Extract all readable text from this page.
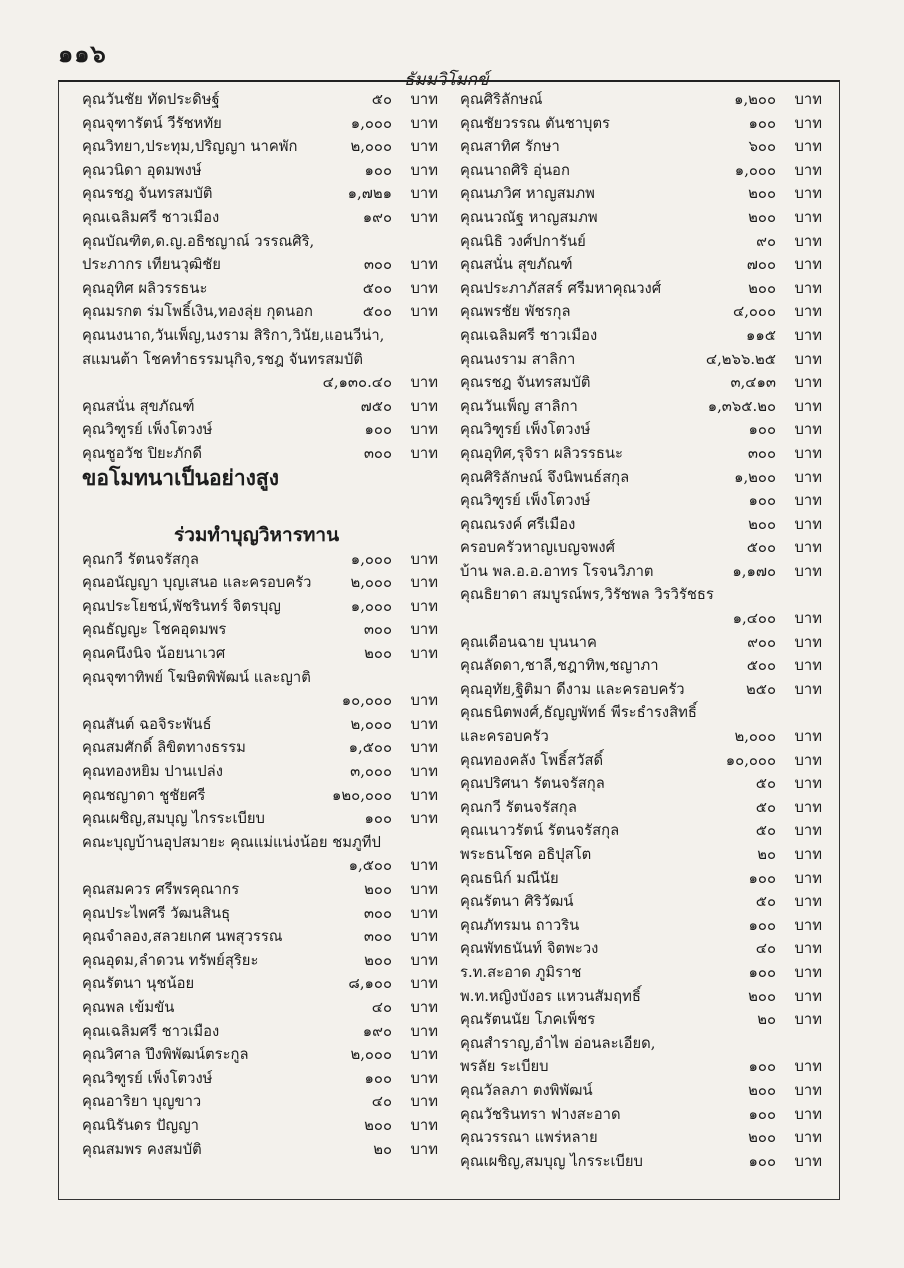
๑๑๖
ธัมมวิโมกข์
คุณวันชัย ทัดประดิษฐ์	๕๐ บาท
คุณจุฑารัตน์ วีรัชหทัย	๑,๐๐๐ บาท
คุณวิทยา,ประทุม,ปริญญา นาคพัก	๒,๐๐๐ บาท
คุณวนิดา อุดมพงษ์	๑๐๐ บาท
คุณรชฎ จันทรสมบัติ	๑,๗๒๑ บาท
คุณเฉลิมศรี ชาวเมือง	๑๙๐ บาท
คุณบัณฑิต,ด.ญ.อธิชญาณ์ วรรณศิริ,
ประภากร เทียนวุฒิชัย	๓๐๐ บาท
คุณอุทิศ ผลิวรรธนะ	๕๐๐ บาท
คุณมรกต ร่มโพธิ์เงิน,ทองลุ่ย กุดนอก	๕๐๐ บาท
คุณนงนาถ,วันเพ็ญ,นงราม สิริกา,วินัย,แอนวีน่า,
สแมนต้า โชคทำธรรมนุกิจ,รชฎ จันทรสมบัติ
๔,๑๓๐.๔๐ บาท
คุณสนั่น สุขภัณฑ์	๗๕๐ บาท
คุณวิฑูรย์ เพ็งโตวงษ์	๑๐๐ บาท
คุณชูอวัช ปิยะภักดี	๓๐๐ บาท
ขอโมทนาเป็นอย่างสูง
ร่วมทำบุญวิหารทาน
คุณกวี รัตนจรัสกุล	๑,๐๐๐ บาท
คุณอนัญญา บุญเสนอ และครอบครัว	๒,๐๐๐ บาท
คุณประโยชน์,พัชรินทร์ จิตรบุญ	๑,๐๐๐ บาท
คุณธัญญะ โชคอุดมพร	๓๐๐ บาท
คุณคนึงนิจ น้อยนาเวศ	๒๐๐ บาท
คุณจุฑาทิพย์ โฆษิตพิพัฒน์ และญาติ
๑๐,๐๐๐ บาท
คุณสันต์ ฉอจิระพันธ์	๒,๐๐๐ บาท
คุณสมศักดิ์ ลิขิตทางธรรม	๑,๕๐๐ บาท
คุณทองหยิม ปานเปล่ง	๓,๐๐๐ บาท
คุณชญาดา ชูชัยศรี	๑๒๐,๐๐๐ บาท
คุณเผชิญ,สมบุญ ไกรระเบียบ	๑๐๐ บาท
คณะบุญบ้านอุปสมายะ คุณแม่แน่งน้อย ชมภูทีป
๑,๕๐๐ บาท
คุณสมควร ศรีพรคุณากร	๒๐๐ บาท
คุณประไพศรี วัฒนสินธุ	๓๐๐ บาท
คุณจำลอง,สลวยเกศ นพสุวรรณ	๓๐๐ บาท
คุณอุดม,ลำดวน ทรัพย์สุริยะ	๒๐๐ บาท
คุณรัตนา นุชน้อย	๘,๑๐๐ บาท
คุณพล เข้มขัน	๔๐ บาท
คุณเฉลิมศรี ชาวเมือง	๑๙๐ บาท
คุณวิศาล ปึงพิพัฒน์ตระกูล	๒,๐๐๐ บาท
คุณวิฑูรย์ เพ็งโตวงษ์	๑๐๐ บาท
คุณอาริยา บุญขาว	๔๐ บาท
คุณนิรันดร ปัญญา	๒๐๐ บาท
คุณสมพร คงสมบัติ	๒๐ บาท
คุณศิริลักษณ์	๑,๒๐๐ บาท
คุณชัยวรรณ ตันชาบุตร	๑๐๐ บาท
คุณสาทิศ รักษา	๖๐๐ บาท
คุณนาถศิริ อุ่นอก	๑,๐๐๐ บาท
คุณนภวิศ หาญสมภพ	๒๐๐ บาท
คุณนวณัฐ หาญสมภพ	๒๐๐ บาท
คุณนิธิ วงศ์ปการันย์	๙๐ บาท
คุณสนั่น สุขภัณฑ์	๗๐๐ บาท
คุณประภาภัสสร์ ศรีมหาคุณวงศ์	๒๐๐ บาท
คุณพรชัย พัชรกุล	๔,๐๐๐ บาท
คุณเฉลิมศรี ชาวเมือง	๑๑๕ บาท
คุณนงราม สาลิกา	๔,๒๖๖.๒๕ บาท
คุณรชฎ จันทรสมบัติ	๓,๔๑๓ บาท
คุณวันเพ็ญ สาลิกา	๑,๓๖๕.๒๐ บาท
คุณวิฑูรย์ เพ็งโตวงษ์	๑๐๐ บาท
คุณอุทิศ,รุจิรา ผลิวรรธนะ	๓๐๐ บาท
คุณศิริลักษณ์ จึงนิพนธ์สกุล	๑,๒๐๐ บาท
คุณวิฑูรย์ เพ็งโตวงษ์	๑๐๐ บาท
คุณณรงค์ ศรีเมือง	๒๐๐ บาท
ครอบครัวหาญเบญจพงศ์	๕๐๐ บาท
บ้าน พล.อ.อ.อาทร โรจนวิภาต	๑,๑๗๐ บาท
คุณธิยาดา สมบูรณ์พร,วิรัชพล วิรวิรัชธร
๑,๔๐๐ บาท
คุณเดือนฉาย บุนนาค	๙๐๐ บาท
คุณลัดดา,ชาลี,ชฎาทิพ,ชญาภา	๕๐๐ บาท
คุณอุทัย,ฐิติมา ดีงาม และครอบครัว	๒๕๐ บาท
คุณธนิตพงศ์,ธัญญพัทธ์ พีระธำรงสิทธิ์
และครอบครัว	๒,๐๐๐ บาท
คุณทองคลัง โพธิ์สวัสดิ์	๑๐,๐๐๐ บาท
คุณปริศนา รัตนจรัสกุล	๕๐ บาท
คุณกวี รัตนจรัสกุล	๕๐ บาท
คุณเนาวรัตน์ รัตนจรัสกุล	๕๐ บาท
พระธนโชค อธิปุสโต	๒๐ บาท
คุณธนิก์ มณีนัย	๑๐๐ บาท
คุณรัตนา ศิริวัฒน์	๕๐ บาท
คุณภัทรมน ถาวริน	๑๐๐ บาท
คุณพัทธนันท์ จิตพะวง	๔๐ บาท
ร.ท.สะอาด ภูมิราช	๑๐๐ บาท
พ.ท.หญิงบังอร แหวนสัมฤทธิ์	๒๐๐ บาท
คุณรัตนนัย โภคเพ็ชร	๒๐ บาท
คุณสำราญ,อำไพ อ่อนละเอียด,
พรลัย ระเบียบ	๑๐๐ บาท
คุณวัลลภา ตงพิพัฒน์	๒๐๐ บาท
คุณวัชรินทรา ฟางสะอาด	๑๐๐ บาท
คุณวรรณา แพร่หลาย	๒๐๐ บาท
คุณเผชิญ,สมบุญ ไกรระเบียบ	๑๐๐ บาท
